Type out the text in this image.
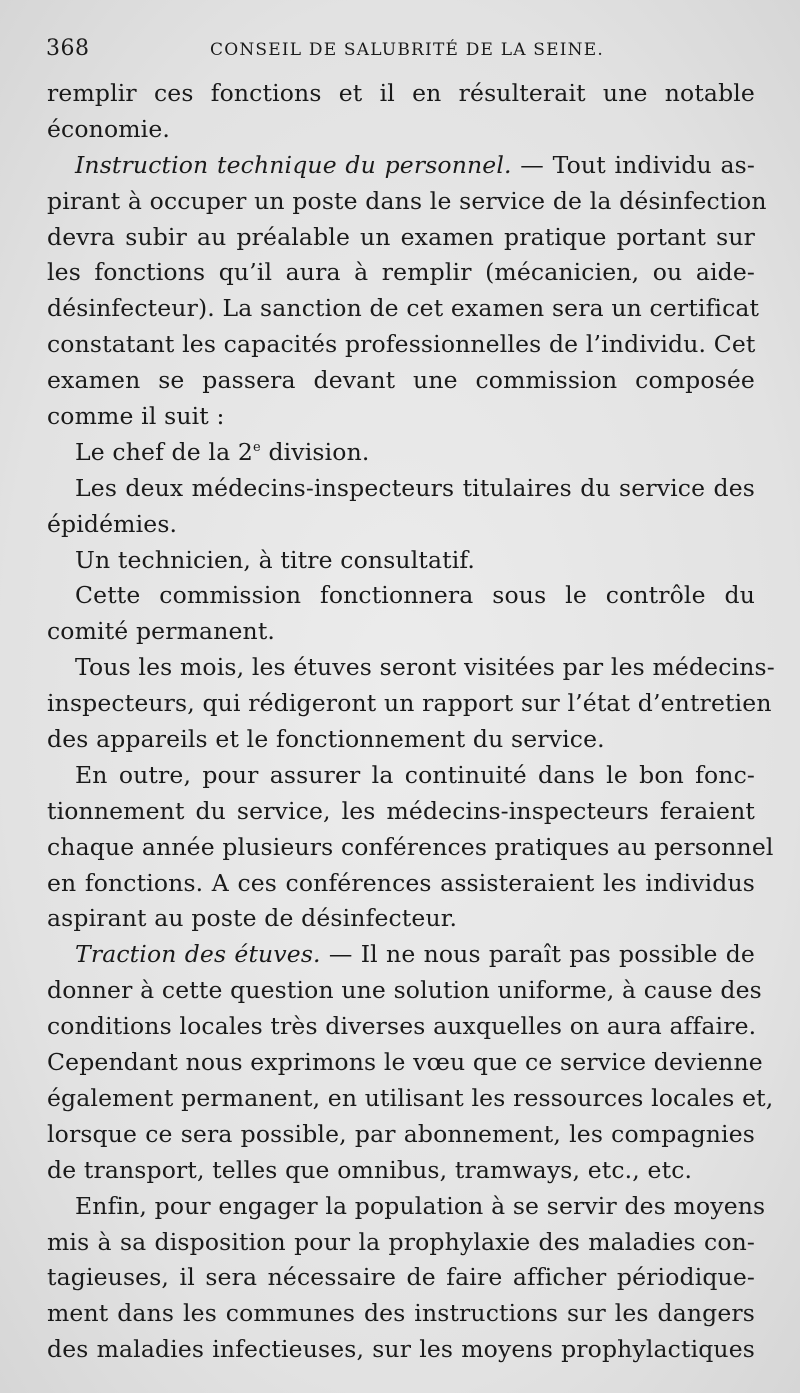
368	CONSEIL DE SALUBRITÉ DE LA SEINE.
remplir ces fonctions et il en résulterait une notable
économie.
Instruction technique du personnel. — Tout individu as-
pirant à occuper un poste dans le service de la désinfection
devra subir au préalable un examen pratique portant sur
les fonctions qu’il aura à remplir (mécanicien, ou aide-
désinfecteur). La sanction de cet examen sera un certificat
constatant les capacités professionnelles de l’individu. Cet
examen se passera devant une commission composée
comme il suit :
Le chef de la 2e division.
Les deux médecins-inspecteurs titulaires du service des
épidémies.
Un technicien, à titre consultatif.
Cette commission fonctionnera sous le contrôle du
comité permanent.
Tous les mois, les étuves seront visitées par les médecins-
inspecteurs, qui rédigeront un rapport sur l’état d’entretien
des appareils et le fonctionnement du service.
En outre, pour assurer la continuité dans le bon fonc-
tionnement du service, les médecins-inspecteurs feraient
chaque année plusieurs conférences pratiques au personnel
en fonctions. A ces conférences assisteraient les individus
aspirant au poste de désinfecteur.
Traction des étuves. — Il ne nous paraît pas possible de
donner à cette question une solution uniforme, à cause des
conditions locales très diverses auxquelles on aura affaire.
Cependant nous exprimons le vœu que ce service devienne
également permanent, en utilisant les ressources locales et,
lorsque ce sera possible, par abonnement, les compagnies
de transport, telles que omnibus, tramways, etc., etc.
Enfin, pour engager la population à se servir des moyens
mis à sa disposition pour la prophylaxie des maladies con-
tagieuses, il sera nécessaire de faire afficher périodique-
ment dans les communes des instructions sur les dangers
des maladies infectieuses, sur les moyens prophylactiques
